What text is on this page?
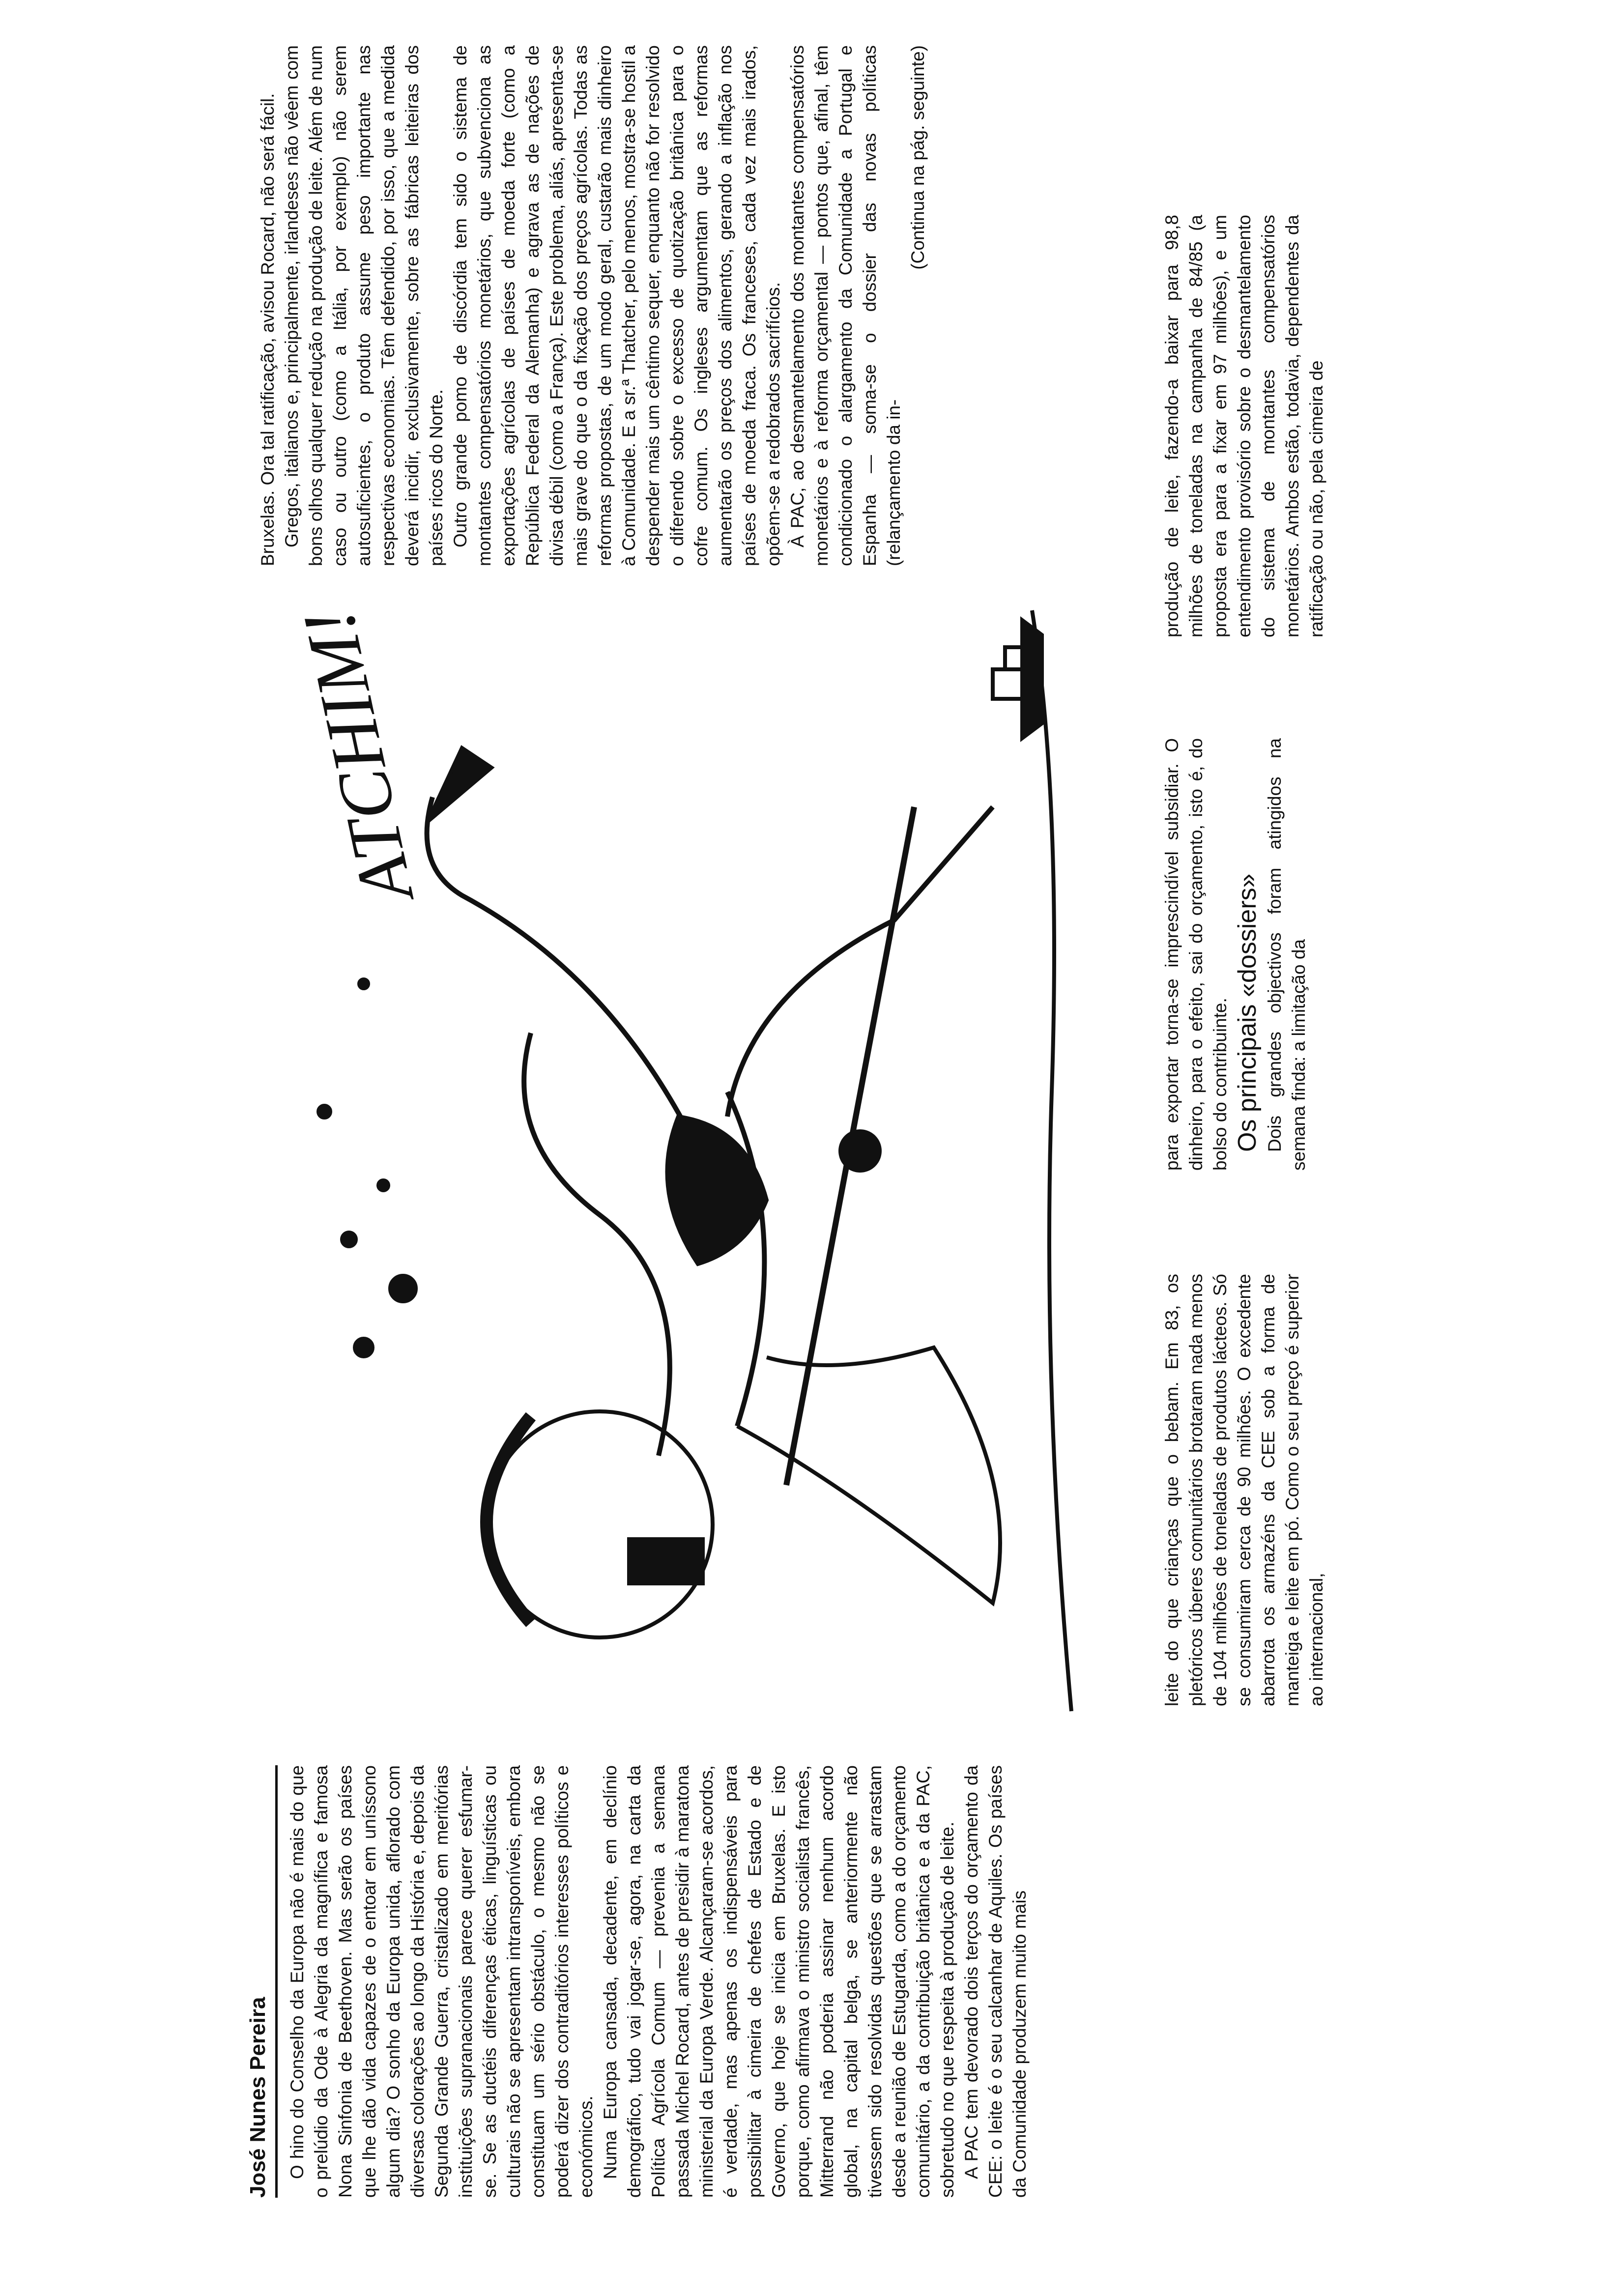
José Nunes Pereira O hino do Conselho da Europa não é mais do que o prelúdio da Ode à Alegria da magnífica e famosa Nona Sinfonia de Beethoven. Mas serão os países que lhe dão vida capazes de o entoar em uníssono algum dia? O sonho da Europa unida, aflorado com diversas colorações ao longo da História e, depois da Segunda Grande Guerra, cristalizado em meritórias instituições supranacionais parece querer esfumar-se. Se as ductéis diferenças éticas, linguísticas ou culturais não se apresentam intransponíveis, embora constituam um sério obstáculo, o mesmo não se poderá dizer dos contraditórios interesses políticos e económicos. Numa Europa cansada, decadente, em declínio demográfico, tudo vai jogar-se, agora, na carta da Política Agrícola Comum — prevenia a semana passada Michel Rocard, antes de presidir à maratona ministerial da Europa Verde. Alcançaram-se acordos, é verdade, mas apenas os indispensáveis para possibilitar à cimeira de chefes de Estado e de Governo, que hoje se inicia em Bruxelas. E isto porque, como afirmava o ministro socialista francês, Mitterrand não poderia assinar nenhum acordo global, na capital belga, se anteriormente não tivessem sido resolvidas questões que se arrastam desde a reunião de Estugarda, como a do orçamento comunitário, a da contribuição britânica e a da PAC, sobretudo no que respeita à produção de leite. A PAC tem devorado dois terços do orçamento da CEE: o leite é o seu calcanhar de Aquiles. Os países da Comunidade produzem muito mais

ATCHIM!

leite do que crianças que o bebam. Em 83, os pletóricos úberes comunitários brotaram nada menos de 104 milhões de toneladas de produtos lácteos. Só se consumiram cerca de 90 milhões. O excedente abarrota os armazéns da CEE sob a forma de manteiga e leite em pó. Como o seu preço é superior ao internacional,

para exportar torna-se imprescindível subsidiar. O dinheiro, para o efeito, sai do orçamento, isto é, do bolso do contribuinte. Os principais «dossiers» Dois grandes objectivos foram atingidos na semana finda: a limitação da

produção de leite, fazendo-a baixar para 98,8 milhões de toneladas na campanha de 84/85 (a proposta era para a fixar em 97 milhões), e um entendimento provisório sobre o desmantelamento do sistema de montantes compensatórios monetários. Ambos estão, todavia, dependentes da ratificação ou não, pela cimeira de

Bruxelas. Ora tal ratificação, avisou Rocard, não será fácil. Gregos, italianos e, principalmente, irlandeses não vêem com bons olhos qualquer redução na produção de leite. Além de num caso ou outro (como a Itália, por exemplo) não serem autosuficientes, o produto assume peso importante nas respectivas economias. Têm defendido, por isso, que a medida deverá incidir, exclusivamente, sobre as fábricas leiteiras dos países ricos do Norte. Outro grande pomo de discórdia tem sido o sistema de montantes compensatórios monetários, que subvenciona as exportações agrícolas de países de moeda forte (como a República Federal da Alemanha) e agrava as de nações de divisa débil (como a França). Este problema, aliás, apresenta-se mais grave do que o da fixação dos preços agrícolas. Todas as reformas propostas, de um modo geral, custarão mais dinheiro à Comunidade. E a sr.ª Thatcher, pelo menos, mostra-se hostil a despender mais um cêntimo sequer, enquanto não for resolvido o diferendo sobre o excesso de quotização britânica para o cofre comum. Os ingleses argumentam que as reformas aumentarão os preços dos alimentos, gerando a inflação nos países de moeda fraca. Os franceses, cada vez mais irados, opõem-se a redobrados sacrifícios. À PAC, ao desmantelamento dos montantes compensatórios monetários e à reforma orçamental — pontos que, afinal, têm condicionado o alargamento da Comunidade a Portugal e Espanha — soma-se o dossier das novas políticas (relançamento da in-

(Continua na pág. seguinte)
